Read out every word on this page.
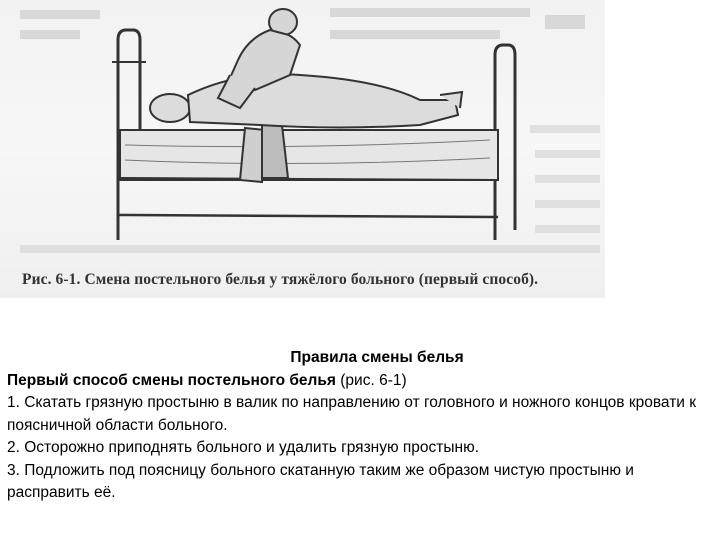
Рис. 6-1. Смена постельного белья у тяжёлого больного (первый способ).

Правила смены белья

Первый способ смены постельного белья (рис. 6-1)

1. Скатать грязную простыню в валик по направлению от головного и ножного концов кровати к поясничной области больного.

2. Осторожно приподнять больного и удалить грязную простыню.

3. Подложить под поясницу больного скатанную таким же образом чистую простыню и расправить её.
